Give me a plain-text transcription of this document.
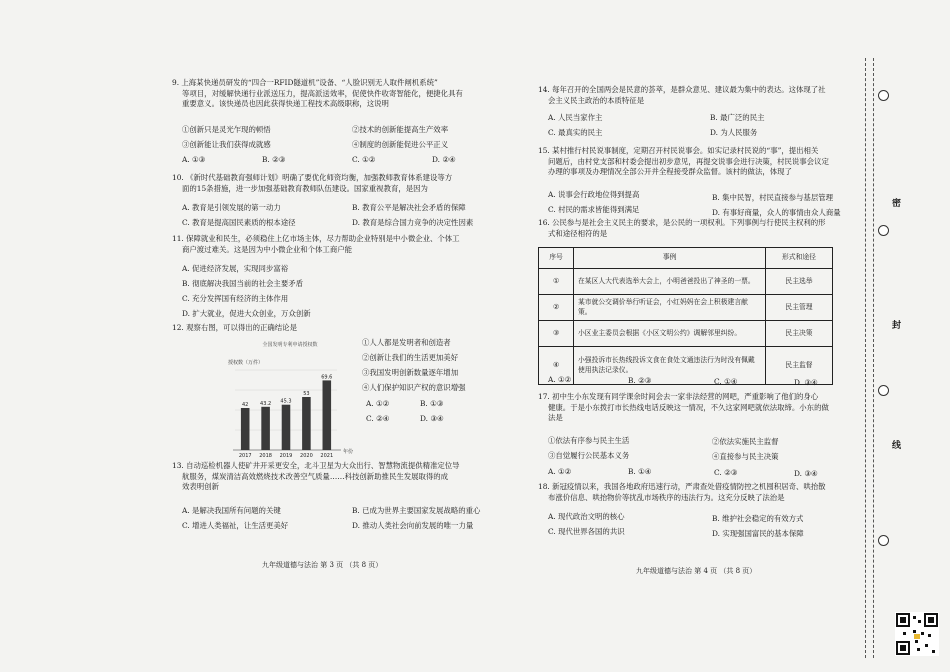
9. 上海某快递员研发的“四合一RFID隧道机”设备、“人脸识别无人取件闸机系统”
等项目，对缓解快递行业派送压力，提高派送效率，促使快件收寄智能化，便捷化具有
重要意义。该快递员也因此获得快递工程技术高级职称，这说明
①创新只是灵光乍现的顿悟	②技术的创新能提高生产效率
③创新能让我们获得成就感	④制度的创新能促进公平正义
A. ①③	B. ②③	C. ①②	D. ②④
10. 《新时代基础教育强师计划》明确了要优化师资均衡，加强教师教育体系建设等方
面的15条措施，进一步加强基础教育教师队伍建设。国家重视教育，是因为
A. 教育是引领发展的第一动力	B. 教育公平是解决社会矛盾的保障
C. 教育是提高国民素质的根本途径	D. 教育是综合国力竞争的决定性因素
11. 保障就业和民生，必须稳住上亿市场主体，尽力帮助企业特别是中小微企业、个体工
商户渡过难关。这是因为中小微企业和个体工商户能
A. 促进经济发展，实现同步富裕
B. 彻底解决我国当前的社会主要矛盾
C. 充分发挥国有经济的主体作用
D. 扩大就业，促进大众创业，万众创新
12. 观察右图，可以得出的正确结论是
全国发明专利申请授权数
授权数（万件）
42
2017
43.2
2018
45.3
2019
53
2020
69.6
2021
年份
①人人都是发明者和创造者
②创新让我们的生活更加美好
③我国发明创新数量逐年增加
④人们保护知识产权的意识增强
A. ①②	B. ①③
C. ②④	D. ③④
13. 自动巡检机器人使矿井开采更安全，北斗卫星为大众出行、智慧物流提供精准定位导
航服务，煤炭清洁高效燃烧技术改善空气质量……科技创新助推民生发展取得的成
效表明创新
A. 是解决我国所有问题的关键	B. 已成为世界主要国家发展战略的重心
C. 增进人类福祉，让生活更美好	D. 推动人类社会向前发展的唯一力量
九年级道德与法治 第 3 页 （共 8 页）
14. 每年召开的全国两会是民意的荟萃，是群众意见、建议最为集中的表达。这体现了社
会主义民主政治的本质特征是
A. 人民当家作主	B. 最广泛的民主
C. 最真实的民主	D. 为人民服务
15. 某村推行村民说事制度，定期召开村民说事会。如实记录村民说的“事”，提出相关
问题后，由村党支部和村委会提出初步意见，再提交说事会进行决策，村民说事会议定
办理的事项及办理情况全部公开并全程接受群众监督。该村的做法，体现了
A. 说事会行政地位得到提高	B. 集中民智，村民直接参与基层管理
C. 村民的需求皆能得到满足	D. 有事好商量，众人的事情由众人商量
16. 公民参与是社会主义民主的要求，是公民的一项权利。下列事例与行使民主权利的形
式和途径相符的是
序号	事例	形式和途径
①	在某区人大代表选举大会上，小明爸爸投出了神圣的一票。	民主选举
②	某市就公交调价举行听证会，小红妈妈在会上积极建言献策。	民主管理
③	小区业主委员会根据《小区文明公约》调解邻里纠纷。	民主决策
④	小强投诉市长热线投诉文食在食处文通违法行为时没有佩戴使用执法记录仪。	民主监督
A. ①②	B. ②③	C. ①④	D. ③④
17. 初中生小东发现有同学课余时间会去一家非法经营的网吧，严重影响了他们的身心
健康。于是小东拨打市长热线电话反映这一情况，不久这家网吧就依法取缔。小东的做
法是
①依法有序参与民主生活	②依法实施民主监督
③自觉履行公民基本义务	④直接参与民主决策
A. ①②	B. ①④	C. ②③	D. ③④
18. 新冠疫情以来，我国各地政府迅速行动，严肃查处借疫情防控之机囤积居奇、哄抬散
布涨价信息、哄抬物价等扰乱市场秩序的违法行为。这充分反映了法治是
A. 现代政治文明的核心	B. 维护社会稳定的有效方式
C. 现代世界各国的共识	D. 实现强国富民的基本保障
九年级道德与法治 第 4 页 （共 8 页）
密
封
线
